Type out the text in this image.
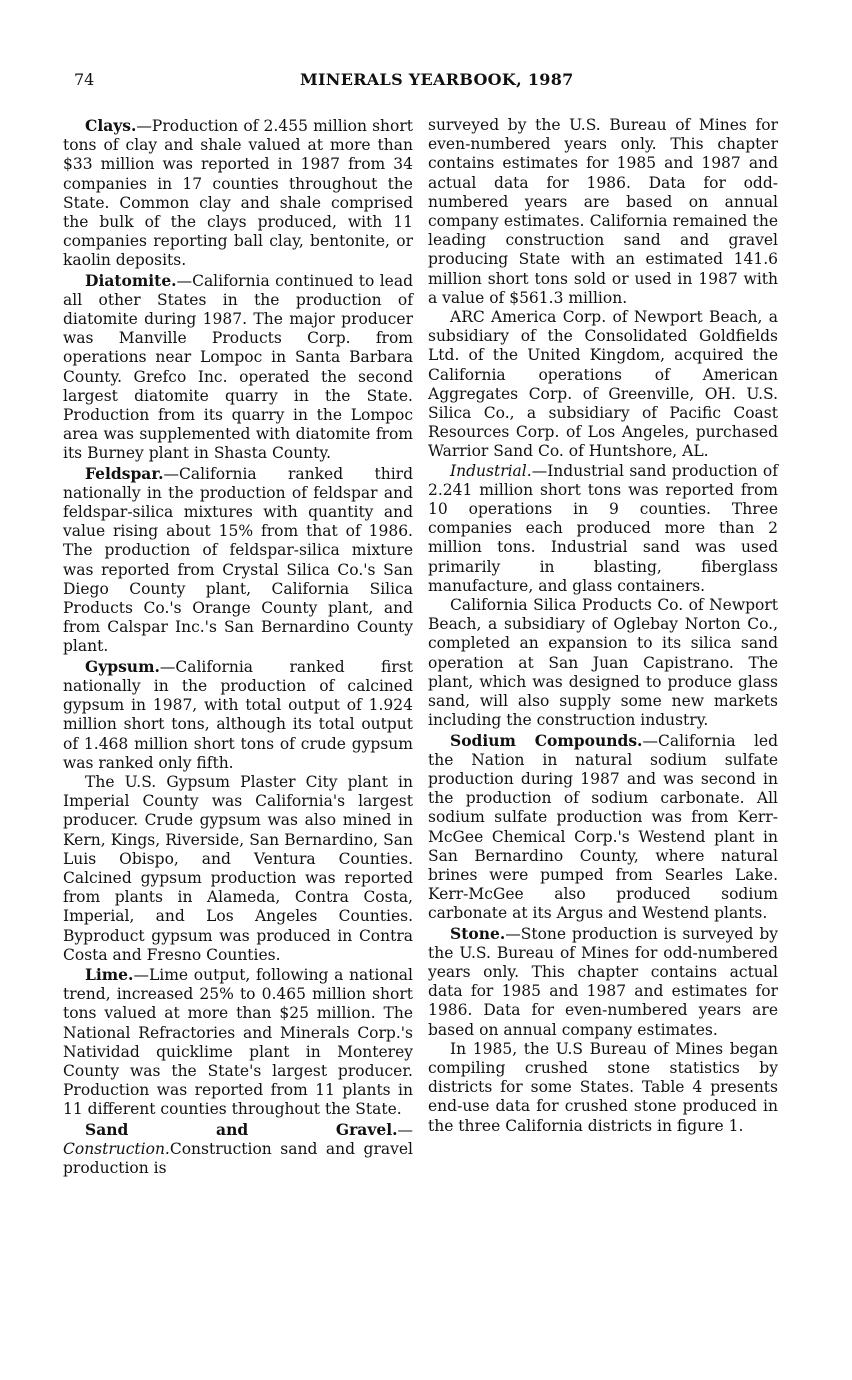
74	MINERALS YEARBOOK, 1987

Clays.—Production of 2.455 million short tons of clay and shale valued at more than $33 million was reported in 1987 from 34 companies in 17 counties throughout the State. Common clay and shale comprised the bulk of the clays produced, with 11 companies reporting ball clay, bentonite, or kaolin deposits.

Diatomite.—California continued to lead all other States in the production of diatomite during 1987. The major producer was Manville Products Corp. from operations near Lompoc in Santa Barbara County. Grefco Inc. operated the second largest diatomite quarry in the State. Production from its quarry in the Lompoc area was supplemented with diatomite from its Burney plant in Shasta County.

Feldspar.—California ranked third nationally in the production of feldspar and feldspar-silica mixtures with quantity and value rising about 15% from that of 1986. The production of feldspar-silica mixture was reported from Crystal Silica Co.'s San Diego County plant, California Silica Products Co.'s Orange County plant, and from Calspar Inc.'s San Bernardino County plant.

Gypsum.—California ranked first nationally in the production of calcined gypsum in 1987, with total output of 1.924 million short tons, although its total output of 1.468 million short tons of crude gypsum was ranked only fifth.

The U.S. Gypsum Plaster City plant in Imperial County was California's largest producer. Crude gypsum was also mined in Kern, Kings, Riverside, San Bernardino, San Luis Obispo, and Ventura Counties. Calcined gypsum production was reported from plants in Alameda, Contra Costa, Imperial, and Los Angeles Counties. Byproduct gypsum was produced in Contra Costa and Fresno Counties.

Lime.—Lime output, following a national trend, increased 25% to 0.465 million short tons valued at more than $25 million. The National Refractories and Minerals Corp.'s Natividad quicklime plant in Monterey County was the State's largest producer. Production was reported from 11 plants in 11 different counties throughout the State.

Sand and Gravel.—Construction.Construction sand and gravel production is

surveyed by the U.S. Bureau of Mines for even-numbered years only. This chapter contains estimates for 1985 and 1987 and actual data for 1986. Data for odd-numbered years are based on annual company estimates. California remained the leading construction sand and gravel producing State with an estimated 141.6 million short tons sold or used in 1987 with a value of $561.3 million.

ARC America Corp. of Newport Beach, a subsidiary of the Consolidated Goldfields Ltd. of the United Kingdom, acquired the California operations of American Aggregates Corp. of Greenville, OH. U.S. Silica Co., a subsidiary of Pacific Coast Resources Corp. of Los Angeles, purchased Warrior Sand Co. of Huntshore, AL.

Industrial.—Industrial sand production of 2.241 million short tons was reported from 10 operations in 9 counties. Three companies each produced more than 2 million tons. Industrial sand was used primarily in blasting, fiberglass manufacture, and glass containers.

California Silica Products Co. of Newport Beach, a subsidiary of Oglebay Norton Co., completed an expansion to its silica sand operation at San Juan Capistrano. The plant, which was designed to produce glass sand, will also supply some new markets including the construction industry.

Sodium Compounds.—California led the Nation in natural sodium sulfate production during 1987 and was second in the production of sodium carbonate. All sodium sulfate production was from Kerr-McGee Chemical Corp.'s Westend plant in San Bernardino County, where natural brines were pumped from Searles Lake. Kerr-McGee also produced sodium carbonate at its Argus and Westend plants.

Stone.—Stone production is surveyed by the U.S. Bureau of Mines for odd-numbered years only. This chapter contains actual data for 1985 and 1987 and estimates for 1986. Data for even-numbered years are based on annual company estimates.

In 1985, the U.S Bureau of Mines began compiling crushed stone statistics by districts for some States. Table 4 presents end-use data for crushed stone produced in the three California districts in figure 1.
